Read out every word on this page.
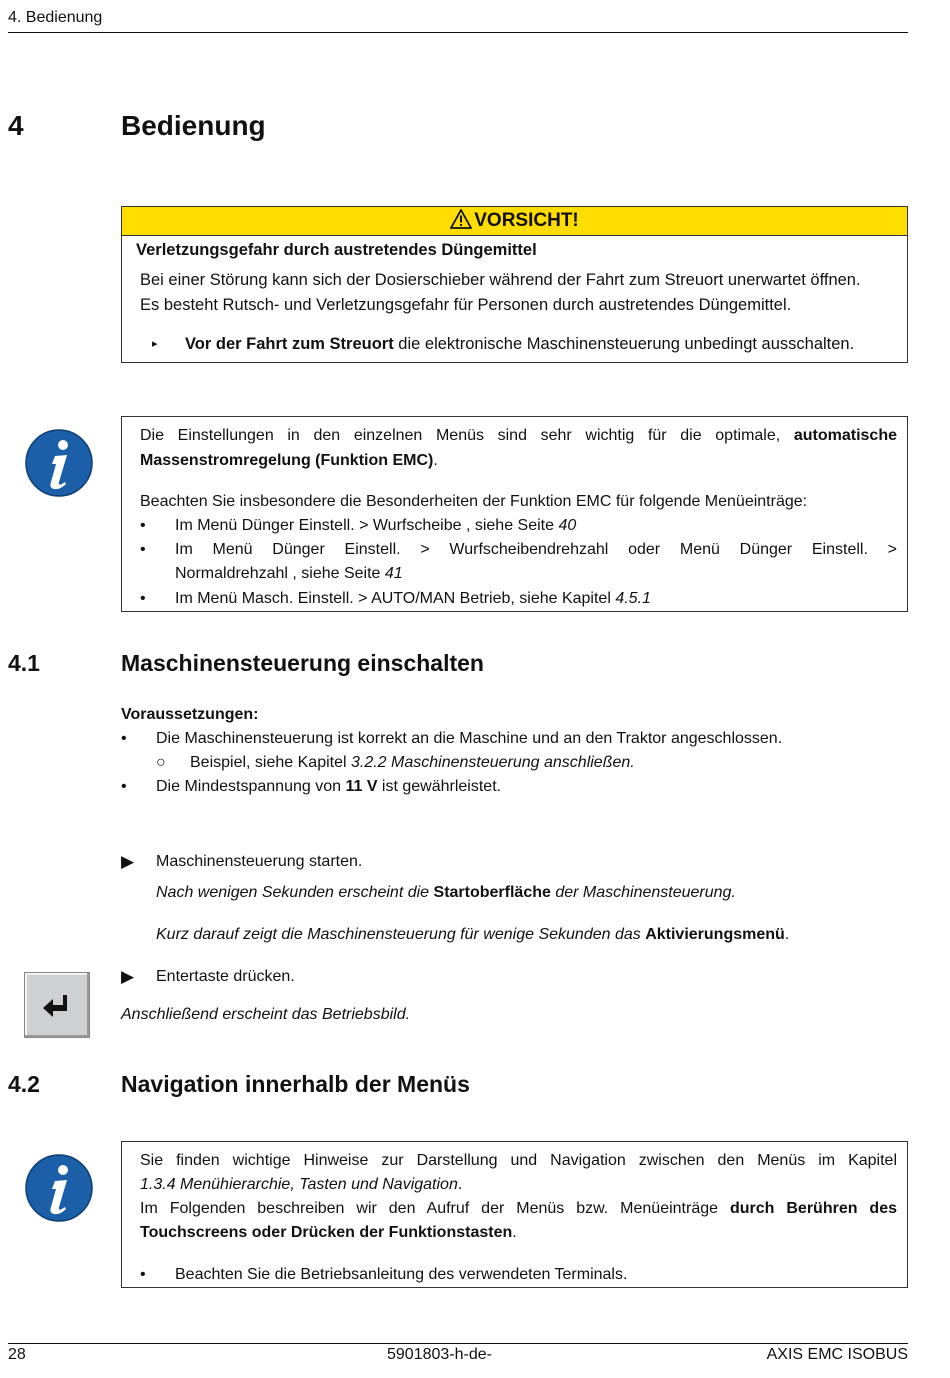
4. Bedienung
4	Bedienung
VORSICHT!
Verletzungsgefahr durch austretendes Düngemittel
Bei einer Störung kann sich der Dosierschieber während der Fahrt zum Streuort unerwartet öffnen.
Es besteht Rutsch- und Verletzungsgefahr für Personen durch austretendes Düngemittel.
▸ Vor der Fahrt zum Streuort die elektronische Maschinensteuerung unbedingt ausschalten.
Die Einstellungen in den einzelnen Menüs sind sehr wichtig für die optimale, automatische
Massenstromregelung (Funktion EMC).
Beachten Sie insbesondere die Besonderheiten der Funktion EMC für folgende Menüeinträge:
• Im Menü Dünger Einstell. > Wurfscheibe , siehe Seite 40
• Im Menü Dünger Einstell. > Wurfscheibendrehzahl oder Menü Dünger Einstell. >
Normaldrehzahl , siehe Seite 41
• Im Menü Masch. Einstell. > AUTO/MAN Betrieb, siehe Kapitel 4.5.1
4.1	Maschinensteuerung einschalten
Voraussetzungen:
• Die Maschinensteuerung ist korrekt an die Maschine und an den Traktor angeschlossen.
○ Beispiel, siehe Kapitel 3.2.2 Maschinensteuerung anschließen.
• Die Mindestspannung von 11 V ist gewährleistet.
▶ Maschinensteuerung starten.
Nach wenigen Sekunden erscheint die Startoberfläche der Maschinensteuerung.
Kurz darauf zeigt die Maschinensteuerung für wenige Sekunden das Aktivierungsmenü.
▶ Entertaste drücken.
Anschließend erscheint das Betriebsbild.
4.2	Navigation innerhalb der Menüs
Sie finden wichtige Hinweise zur Darstellung und Navigation zwischen den Menüs im Kapitel
1.3.4 Menühierarchie, Tasten und Navigation.
Im Folgenden beschreiben wir den Aufruf der Menüs bzw. Menüeinträge durch Berühren des
Touchscreens oder Drücken der Funktionstasten.
• Beachten Sie die Betriebsanleitung des verwendeten Terminals.
28	5901803-h-de-	AXIS EMC ISOBUS
